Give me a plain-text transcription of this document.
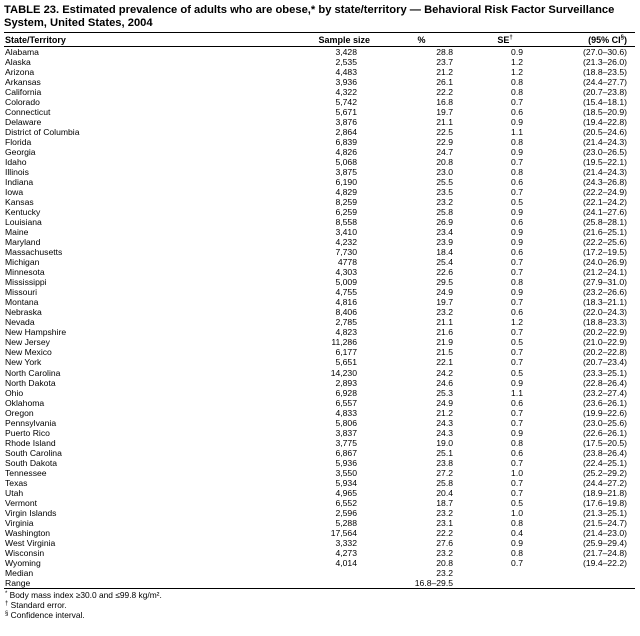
TABLE 23. Estimated prevalence of adults who are obese,* by state/territory — Behavioral Risk Factor Surveillance System, United States, 2004
State/Territory	Sample size	%	SE†	(95% CI§)
Alabama	3,428	28.8	0.9	(27.0–30.6)
Alaska	2,535	23.7	1.2	(21.3–26.0)
Arizona	4,483	21.2	1.2	(18.8–23.5)
Arkansas	3,936	26.1	0.8	(24.4–27.7)
California	4,322	22.2	0.8	(20.7–23.8)
Colorado	5,742	16.8	0.7	(15.4–18.1)
Connecticut	5,671	19.7	0.6	(18.5–20.9)
Delaware	3,876	21.1	0.9	(19.4–22.8)
District of Columbia	2,864	22.5	1.1	(20.5–24.6)
Florida	6,839	22.9	0.8	(21.4–24.3)
Georgia	4,826	24.7	0.9	(23.0–26.5)
Idaho	5,068	20.8	0.7	(19.5–22.1)
Illinois	3,875	23.0	0.8	(21.4–24.3)
Indiana	6,190	25.5	0.6	(24.3–26.8)
Iowa	4,829	23.5	0.7	(22.2–24.9)
Kansas	8,259	23.2	0.5	(22.1–24.2)
Kentucky	6,259	25.8	0.9	(24.1–27.6)
Louisiana	8,558	26.9	0.6	(25.8–28.1)
Maine	3,410	23.4	0.9	(21.6–25.1)
Maryland	4,232	23.9	0.9	(22.2–25.6)
Massachusetts	7,730	18.4	0.6	(17.2–19.5)
Michigan	4778	25.4	0.7	(24.0–26.9)
Minnesota	4,303	22.6	0.7	(21.2–24.1)
Mississippi	5,009	29.5	0.8	(27.9–31.0)
Missouri	4,755	24.9	0.9	(23.2–26.6)
Montana	4,816	19.7	0.7	(18.3–21.1)
Nebraska	8,406	23.2	0.6	(22.0–24.3)
Nevada	2,785	21.1	1.2	(18.8–23.3)
New Hampshire	4,823	21.6	0.7	(20.2–22.9)
New Jersey	11,286	21.9	0.5	(21.0–22.9)
New Mexico	6,177	21.5	0.7	(20.2–22.8)
New York	5,651	22.1	0.7	(20.7–23.4)
North Carolina	14,230	24.2	0.5	(23.3–25.1)
North Dakota	2,893	24.6	0.9	(22.8–26.4)
Ohio	6,928	25.3	1.1	(23.2–27.4)
Oklahoma	6,557	24.9	0.6	(23.6–26.1)
Oregon	4,833	21.2	0.7	(19.9–22.6)
Pennsylvania	5,806	24.3	0.7	(23.0–25.6)
Puerto Rico	3,837	24.3	0.9	(22.6–26.1)
Rhode Island	3,775	19.0	0.8	(17.5–20.5)
South Carolina	6,867	25.1	0.6	(23.8–26.4)
South Dakota	5,936	23.8	0.7	(22.4–25.1)
Tennessee	3,550	27.2	1.0	(25.2–29.2)
Texas	5,934	25.8	0.7	(24.4–27.2)
Utah	4,965	20.4	0.7	(18.9–21.8)
Vermont	6,552	18.7	0.5	(17.6–19.8)
Virgin Islands	2,596	23.2	1.0	(21.3–25.1)
Virginia	5,288	23.1	0.8	(21.5–24.7)
Washington	17,564	22.2	0.4	(21.4–23.0)
West Virginia	3,332	27.6	0.9	(25.9–29.4)
Wisconsin	4,273	23.2	0.8	(21.7–24.8)
Wyoming	4,014	20.8	0.7	(19.4–22.2)
Median		23.2		
Range		16.8–29.5		
* Body mass index ≥30.0 and ≤99.8 kg/m².
† Standard error.
§ Confidence interval.
